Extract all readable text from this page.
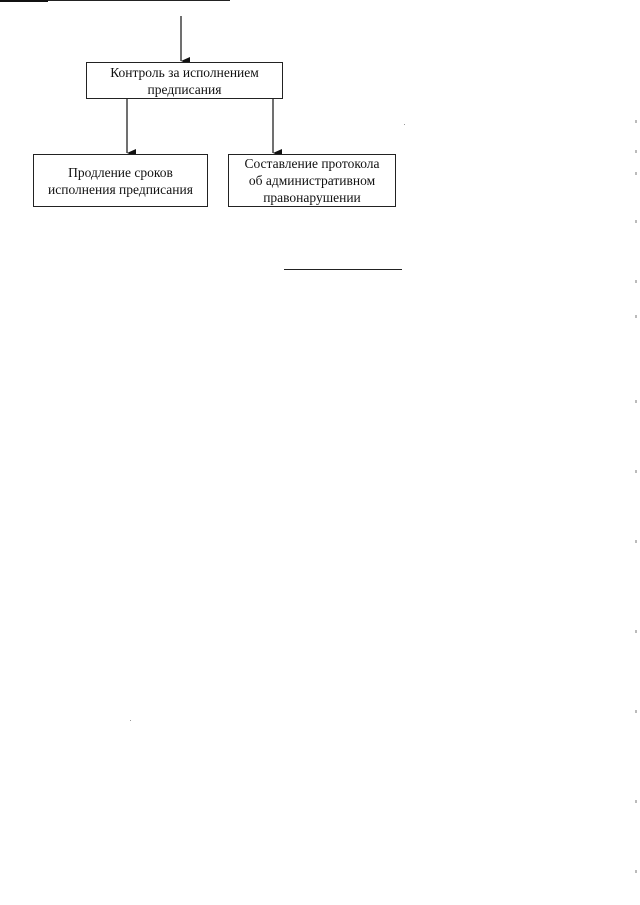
Контроль за исполнением
предписания
Продление сроков
исполнения предписания
Составление протокола
об административном
правонарушении
